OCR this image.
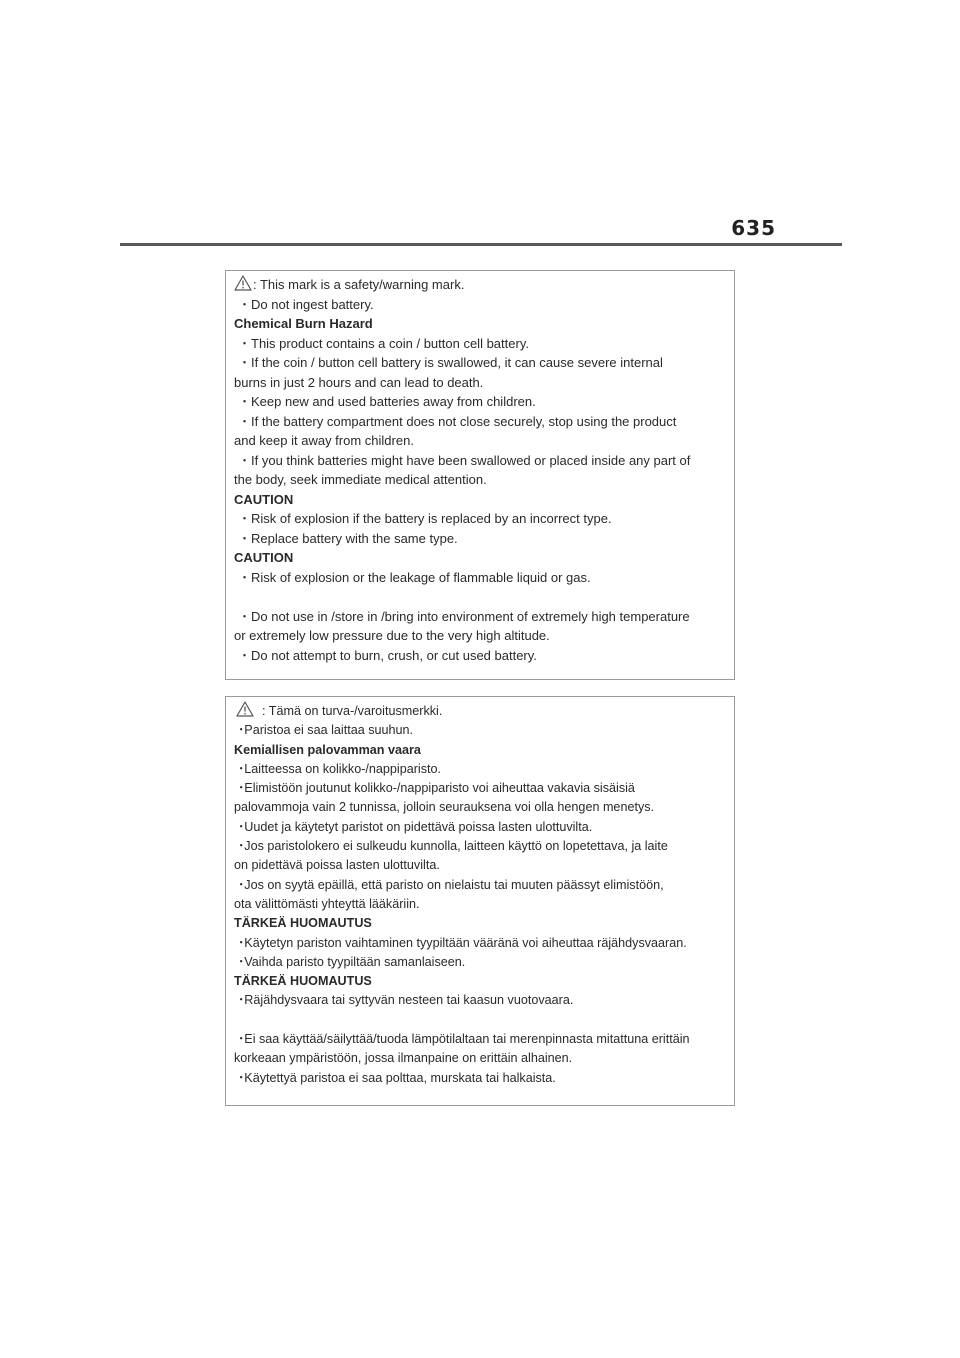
635
: This mark is a safety/warning mark.
・Do not ingest battery.
Chemical Burn Hazard
・This product contains a coin / button cell battery.
・If the coin / button cell battery is swallowed, it can cause severe internal
burns in just 2 hours and can lead to death.
・Keep new and used batteries away from children.
・If the battery compartment does not close securely, stop using the product
and keep it away from children.
・If you think batteries might have been swallowed or placed inside any part of
the body, seek immediate medical attention.
CAUTION
・Risk of explosion if the battery is replaced by an incorrect type.
・Replace battery with the same type.
CAUTION
・Risk of explosion or the leakage of flammable liquid or gas.
・Do not use in /store in /bring into environment of extremely high temperature
or extremely low pressure due to the very high altitude.
・Do not attempt to burn, crush, or cut used battery.
: Tämä on turva-/varoitusmerkki.
･Paristoa ei saa laittaa suuhun.
Kemiallisen palovamman vaara
･Laitteessa on kolikko-/nappiparisto.
･Elimistöön joutunut kolikko-/nappiparisto voi aiheuttaa vakavia sisäisiä
palovammoja vain 2 tunnissa, jolloin seurauksena voi olla hengen menetys.
･Uudet ja käytetyt paristot on pidettävä poissa lasten ulottuvilta.
･Jos paristolokero ei sulkeudu kunnolla, laitteen käyttö on lopetettava, ja laite
on pidettävä poissa lasten ulottuvilta.
･Jos on syytä epäillä, että paristo on nielaistu tai muuten päässyt elimistöön,
ota välittömästi yhteyttä lääkäriin.
TÄRKEÄ HUOMAUTUS
･Käytetyn pariston vaihtaminen tyypiltään vääränä voi aiheuttaa räjähdysvaaran.
･Vaihda paristo tyypiltään samanlaiseen.
TÄRKEÄ HUOMAUTUS
･Räjähdysvaara tai syttyvän nesteen tai kaasun vuotovaara.
･Ei saa käyttää/säilyttää/tuoda lämpötilaltaan tai merenpinnasta mitattuna erittäin
korkeaan ympäristöön, jossa ilmanpaine on erittäin alhainen.
･Käytettyä paristoa ei saa polttaa, murskata tai halkaista.
